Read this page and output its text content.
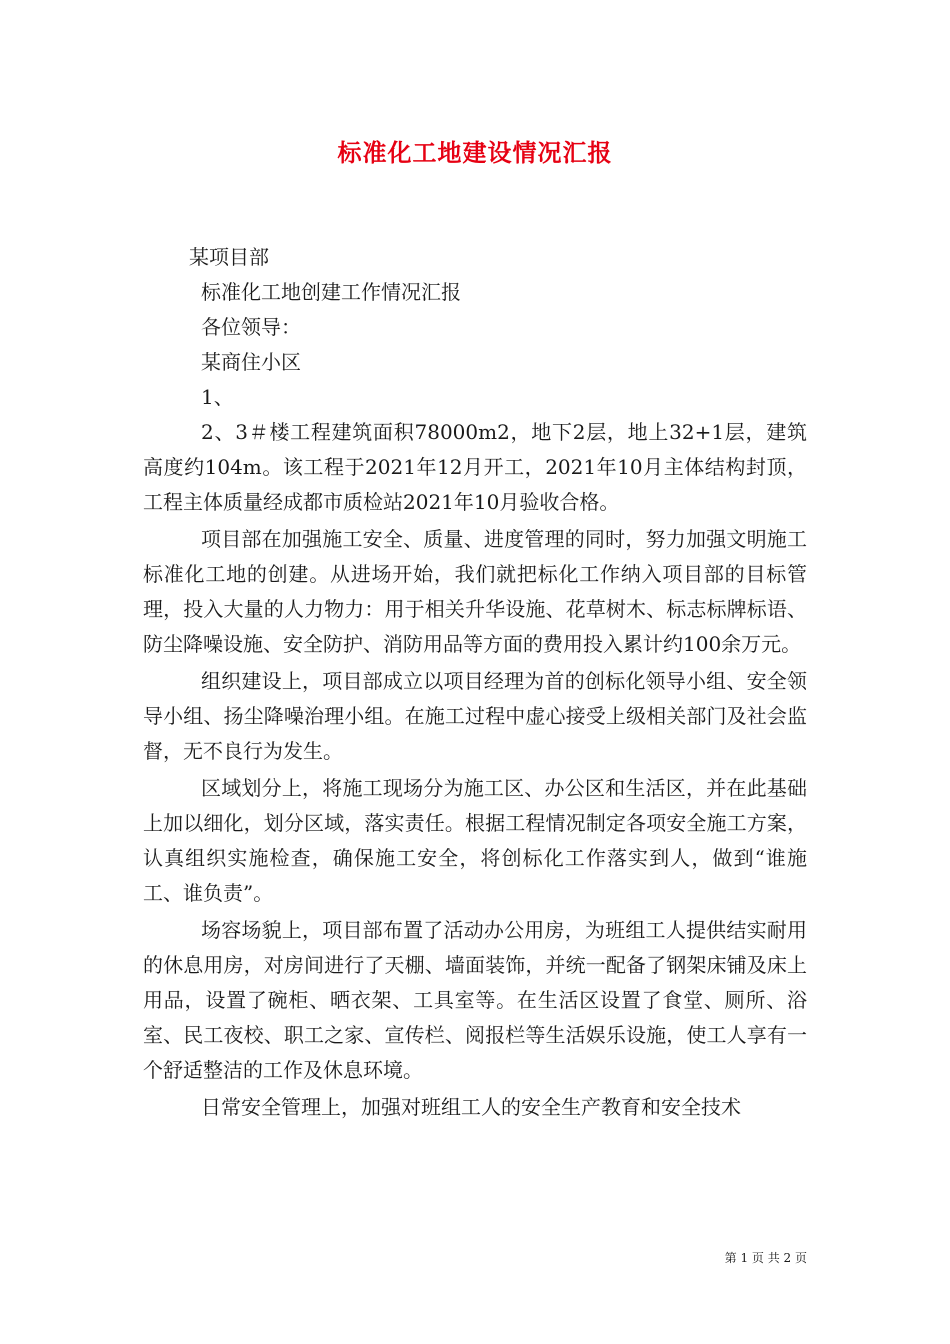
标准化工地建设情况汇报

某项目部

标准化工地创建工作情况汇报

各位领导：

某商住小区

1、

2、3＃楼工程建筑面积78000m2，地下2层，地上32+1层，建筑高度约104m。该工程于2021年12月开工，2021年10月主体结构封顶，工程主体质量经成都市质检站2021年10月验收合格。

项目部在加强施工安全、质量、进度管理的同时，努力加强文明施工标准化工地的创建。从进场开始，我们就把标化工作纳入项目部的目标管理，投入大量的人力物力：用于相关升华设施、花草树木、标志标牌标语、防尘降噪设施、安全防护、消防用品等方面的费用投入累计约100余万元。

组织建设上，项目部成立以项目经理为首的创标化领导小组、安全领导小组、扬尘降噪治理小组。在施工过程中虚心接受上级相关部门及社会监督，无不良行为发生。

区域划分上，将施工现场分为施工区、办公区和生活区，并在此基础上加以细化，划分区域，落实责任。根据工程情况制定各项安全施工方案，认真组织实施检查，确保施工安全，将创标化工作落实到人，做到“谁施工、谁负责”。

场容场貌上，项目部布置了活动办公用房，为班组工人提供结实耐用的休息用房，对房间进行了天棚、墙面装饰，并统一配备了钢架床铺及床上用品，设置了碗柜、晒衣架、工具室等。在生活区设置了食堂、厕所、浴室、民工夜校、职工之家、宣传栏、阅报栏等生活娱乐设施，使工人享有一个舒适整洁的工作及休息环境。

日常安全管理上，加强对班组工人的安全生产教育和安全技术

第 1 页 共 2 页
